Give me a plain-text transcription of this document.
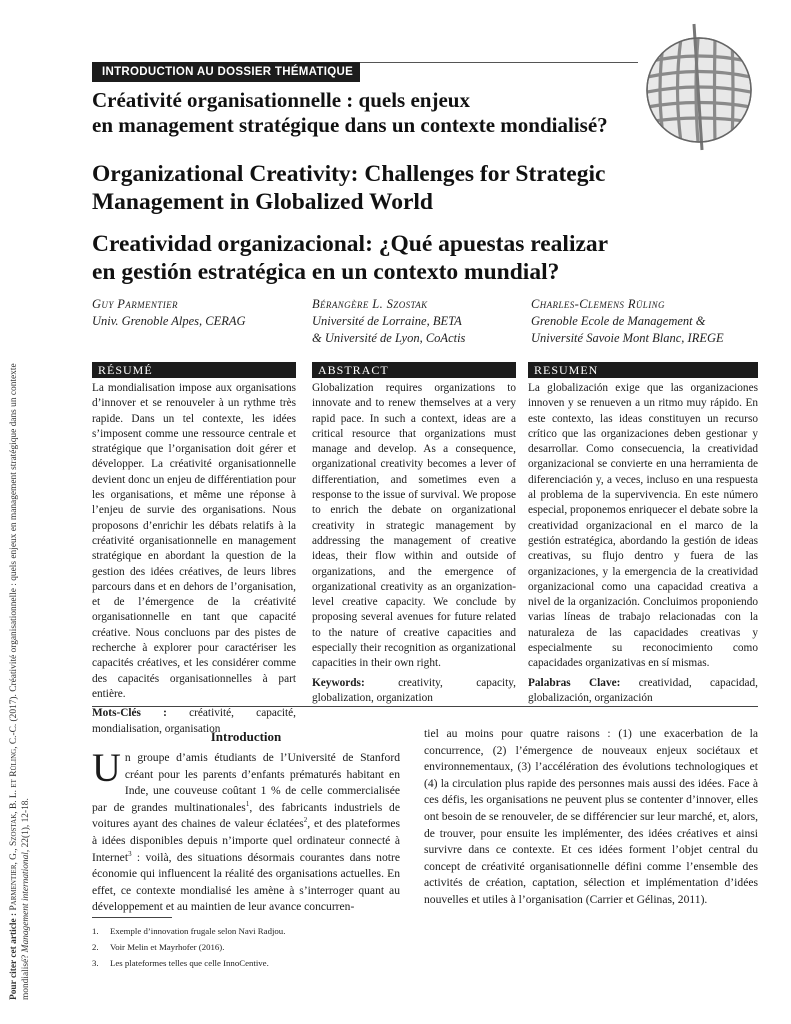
INTRODUCTION AU DOSSIER THÉMATIQUE
Créativité organisationnelle : quels enjeux
en management stratégique dans un contexte mondialisé?
Organizational Creativity: Challenges for Strategic
Management in Globalized World
Creatividad organizacional: ¿Qué apuestas realizar
en gestión estratégica en un contexto mundial?
Guy Parmentier
Univ. Grenoble Alpes, CERAG
Bérangère L. Szostak
Université de Lorraine, BETA
& Université de Lyon, CoActis
Charles-Clemens Rüling
Grenoble Ecole de Management &
Université Savoie Mont Blanc, IREGE
RÉSUMÉ	ABSTRACT	RESUMEN

La mondialisation impose aux organisations d’innover et se renouveler à un rythme très rapide. Dans un tel contexte, les idées s’imposent comme une ressource centrale et stratégique que l’organisation doit gérer et développer. La créativité organisationnelle devient donc un enjeu de différentiation pour les organisations, et même une réponse à l’enjeu de survie des organisations. Nous proposons d’enrichir les débats relatifs à la créativité organisationnelle en management stratégique en abordant la question de la gestion des idées créatives, de leurs libres parcours dans et en dehors de l’organisation, et de l’émergence de la créativité organisationnelle en tant que capacité créative. Nous concluons par des pistes de recherche à explorer pour caractériser les capacités créatives, et les considérer comme des capacités organisationnelles à part entière.

Mots-Clés : créativité, capacité, mondialisation, organisation

Globalization requires organizations to innovate and to renew themselves at a very rapid pace. In such a context, ideas are a critical resource that organizations must manage and develop. As a consequence, organizational creativity becomes a lever of differentiation, and sometimes even a response to the issue of survival. We propose to enrich the debate on organizational creativity in strategic management by addressing the management of creative ideas, their flow within and outside of organizations, and the emergence of organizational creativity as an organization-level creative capacity. We conclude by proposing several avenues for future related to the nature of creative capacities and especially their recognition as organizational capacities in their own right.

Keywords:	creativity, capacity, globalization, organization

La globalización exige que las organizaciones innoven y se renueven a un ritmo muy rápido. En este contexto, las ideas constituyen un recurso crítico que las organizaciones deben gestionar y desarrollar. Como consecuencia, la creatividad organizacional se convierte en una herramienta de diferenciación y, a veces, incluso en una respuesta al problema de la supervivencia. En este número especial, proponemos enriquecer el debate sobre la creatividad organizacional en el marco de la gestión estratégica, abordando la gestión de ideas creativas, su flujo dentro y fuera de las organizaciones, y la emergencia de la creatividad organizacional como una capacidad creativa a nivel de la organización. Concluimos proponiendo varias líneas de trabajo relacionadas con la naturaleza de las capacidades creativas y especialmente su reconocimiento como capacidades organizativas en sí mismas.

Palabras Clave: creatividad, capacidad, globalización, organización

Introduction
Un groupe d’amis étudiants de l’Université de Stanford créant pour les parents d’enfants prématurés habitant en Inde, une couveuse coûtant 1 % de celle commercialisée par de grandes multinationales$^1$, des fabricants industriels de voitures ayant des chaines de valeur éclatées$^2$, et des plateformes à idées disponibles depuis n’importe quel ordinateur connecté à Internet$^3$ : voilà, des situations désormais courantes dans notre économie qui influencent la réalité des organisations actuelles. En effet, ce contexte mondialisé les amène à s’interroger quant au développement et au maintien de leur avance concurren-
tiel au moins pour quatre raisons : (1) une exacerbation de la concurrence, (2) l’émergence de nouveaux enjeux sociétaux et environnementaux, (3) l’accélération des évolutions technologiques et (4) la circulation plus rapide des personnes mais aussi des idées. Face à ces défis, les organisations ne peuvent plus se contenter d’innover, elles ont besoin de se renouveler, de se différencier sur leur marché, et, alors, de trouver, pour ensuite les implémenter, des idées créatives et ainsi survivre dans ce contexte. Et ces idées forment l’objet central du concept de créativité organisationnelle défini comme l’ensemble des activités de création, captation, sélection et implémentation d’idées nouvelles et utiles à l’organisation (Carrier et Gélinas, 2011).
1. Exemple d’innovation frugale selon Navi Radjou.
2. Voir Melin et Mayrhofer (2016).
3. Les plateformes telles que celle InnoCentive.
Pour citer cet article : Parmentier, G., Szostak, B. L. et Rüling, C.-C. (2017). Créativité organisationnelle : quels enjeux en management stratégique dans un contexte mondialisé? Management international, 22(1), 12-18.
